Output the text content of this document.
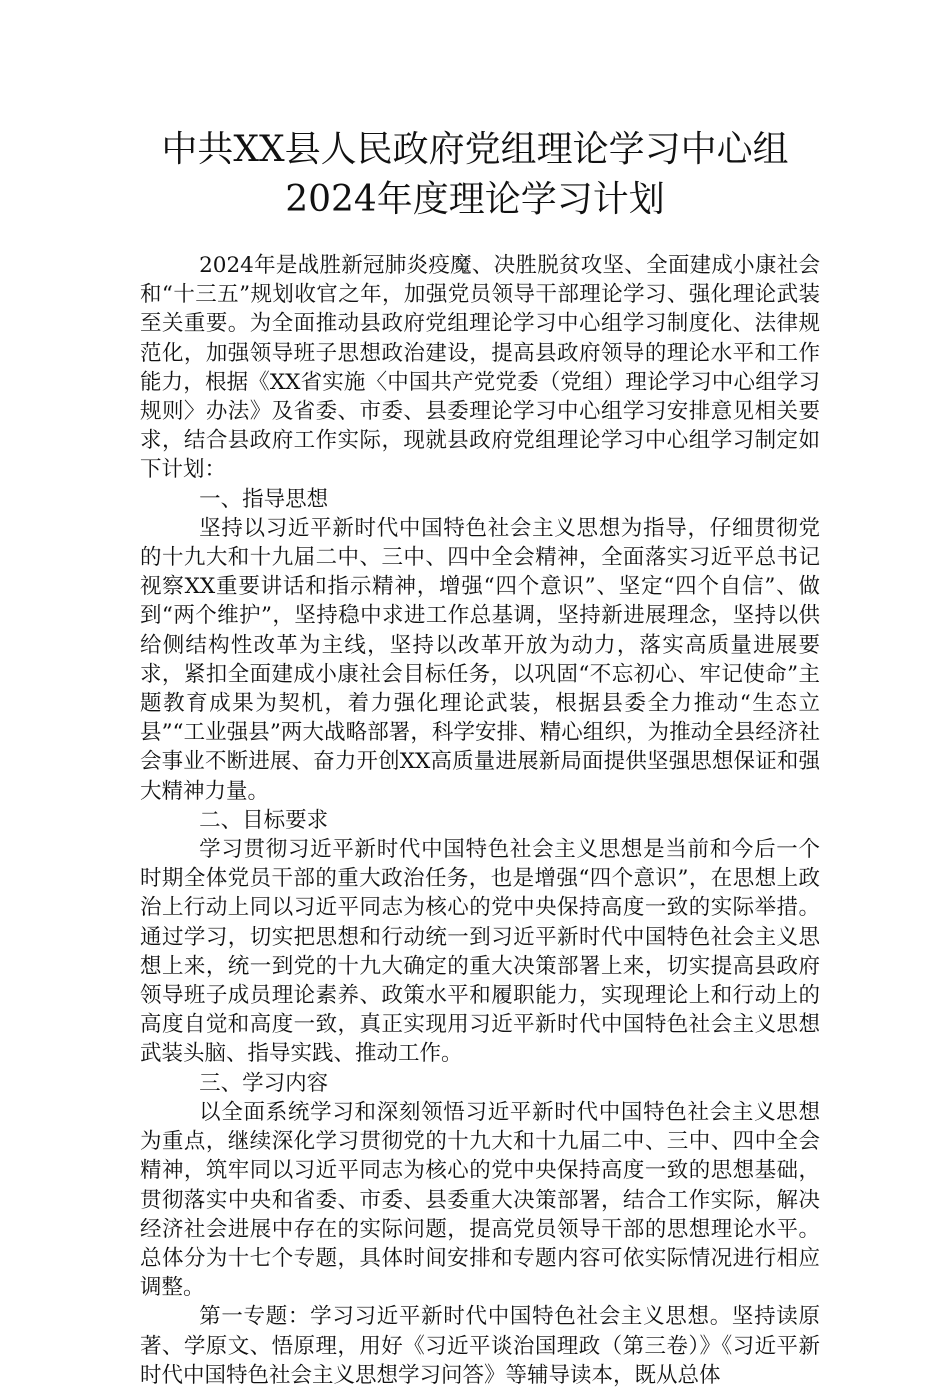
中共XX县人民政府党组理论学习中心组
2024年度理论学习计划

2024年是战胜新冠肺炎疫魔、决胜脱贫攻坚、全面建成小康社会和“十三五”规划收官之年，加强党员领导干部理论学习、强化理论武装至关重要。为全面推动县政府党组理论学习中心组学习制度化、法律规范化，加强领导班子思想政治建设，提高县政府领导的理论水平和工作能力，根据《XX省实施〈中国共产党党委（党组）理论学习中心组学习规则〉办法》及省委、市委、县委理论学习中心组学习安排意见相关要求，结合县政府工作实际，现就县政府党组理论学习中心组学习制定如下计划：

一、指导思想

坚持以习近平新时代中国特色社会主义思想为指导，仔细贯彻党的十九大和十九届二中、三中、四中全会精神，全面落实习近平总书记视察XX重要讲话和指示精神，增强“四个意识”、坚定“四个自信”、做到“两个维护”，坚持稳中求进工作总基调，坚持新进展理念，坚持以供给侧结构性改革为主线，坚持以改革开放为动力，落实高质量进展要求，紧扣全面建成小康社会目标任务，以巩固“不忘初心、牢记使命”主题教育成果为契机，着力强化理论武装，根据县委全力推动“生态立县”“工业强县”两大战略部署，科学安排、精心组织，为推动全县经济社会事业不断进展、奋力开创XX高质量进展新局面提供坚强思想保证和强大精神力量。

二、目标要求

学习贯彻习近平新时代中国特色社会主义思想是当前和今后一个时期全体党员干部的重大政治任务，也是增强“四个意识”，在思想上政治上行动上同以习近平同志为核心的党中央保持高度一致的实际举措。通过学习，切实把思想和行动统一到习近平新时代中国特色社会主义思想上来，统一到党的十九大确定的重大决策部署上来，切实提高县政府领导班子成员理论素养、政策水平和履职能力，实现理论上和行动上的高度自觉和高度一致，真正实现用习近平新时代中国特色社会主义思想武装头脑、指导实践、推动工作。

三、学习内容

以全面系统学习和深刻领悟习近平新时代中国特色社会主义思想为重点，继续深化学习贯彻党的十九大和十九届二中、三中、四中全会精神，筑牢同以习近平同志为核心的党中央保持高度一致的思想基础，贯彻落实中央和省委、市委、县委重大决策部署，结合工作实际，解决经济社会进展中存在的实际问题，提高党员领导干部的思想理论水平。总体分为十七个专题，具体时间安排和专题内容可依实际情况进行相应调整。

第一专题：学习习近平新时代中国特色社会主义思想。坚持读原著、学原文、悟原理，用好《习近平谈治国理政（第三卷）》《习近平新时代中国特色社会主义思想学习问答》等辅导读本，既从总体
